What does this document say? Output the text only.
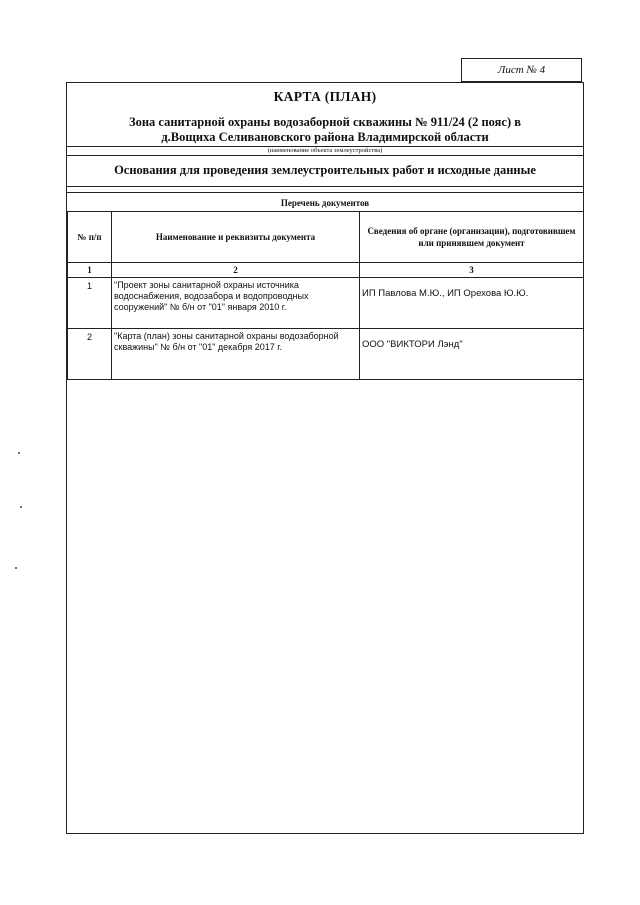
Лист № 4
КАРТА (ПЛАН)
Зона санитарной охраны водозаборной скважины № 911/24 (2 пояс) в
д.Вощиха Селивановского района Владимирской области
(наименование объекта землеустройства)
Основания для проведения землеустроительных работ и исходные данные
Перечень документов
№ п/п	Наименование и реквизиты документа	Сведения об органе (организации), подготовившем или принявшем документ
1	2	3
1	"Проект зоны санитарной охраны источника водоснабжения, водозабора и водопроводных сооружений" № б/н от "01" января 2010 г.	ИП Павлова М.Ю., ИП Орехова Ю.Ю.
2	"Карта (план) зоны санитарной охраны водозаборной скважины" № б/н от "01" декабря 2017 г.	ООО "ВИКТОРИ Лэнд"
